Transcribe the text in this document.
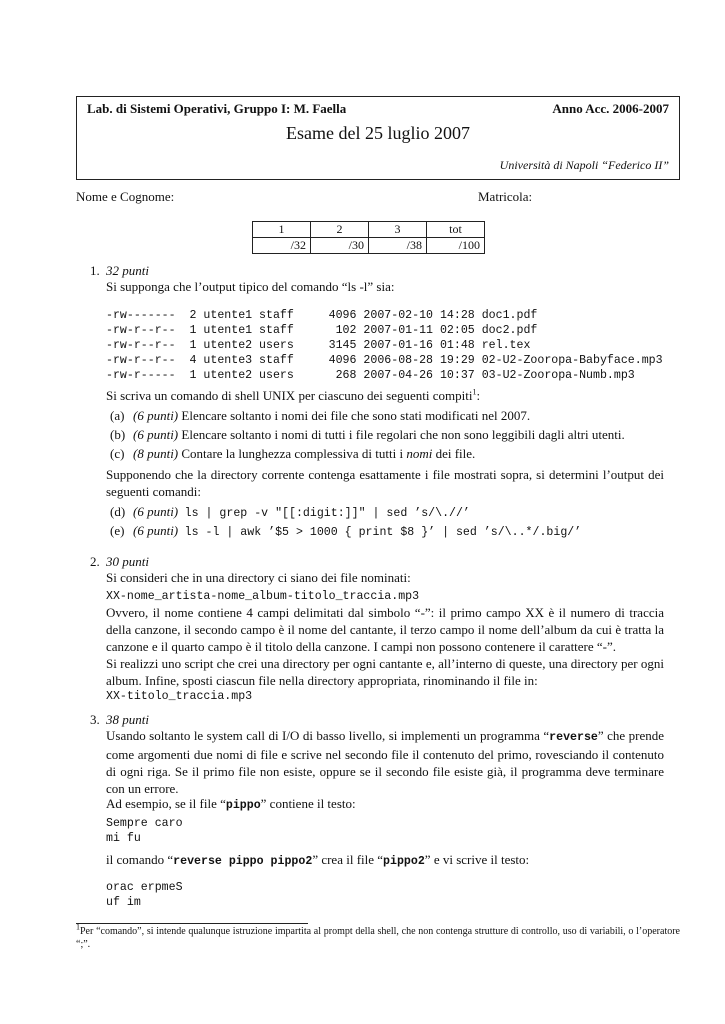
Lab. di Sistemi Operativi, Gruppo I: M. Faella	Anno Acc. 2006-2007
Esame del 25 luglio 2007
Università di Napoli “Federico II”
Nome e Cognome:	Matricola:
1	2	3	tot
/32	/30	/38	/100
1. 32 punti
Si supponga che l’output tipico del comando “ls -l” sia:
-rw-------  2 utente1 staff     4096 2007-02-10 14:28 doc1.pdf
-rw-r--r--  1 utente1 staff      102 2007-01-11 02:05 doc2.pdf
-rw-r--r--  1 utente2 users     3145 2007-01-16 01:48 rel.tex
-rw-r--r--  4 utente3 staff     4096 2006-08-28 19:29 02-U2-Zooropa-Babyface.mp3
-rw-r-----  1 utente2 users      268 2007-04-26 10:37 03-U2-Zooropa-Numb.mp3
Si scriva un comando di shell UNIX per ciascuno dei seguenti compiti$^1$:
(a) (6 punti) Elencare soltanto i nomi dei file che sono stati modificati nel 2007.
(b) (6 punti) Elencare soltanto i nomi di tutti i file regolari che non sono leggibili dagli altri utenti.
(c) (8 punti) Contare la lunghezza complessiva di tutti i nomi dei file.
Supponendo che la directory corrente contenga esattamente i file mostrati sopra, si determini l’output dei seguenti comandi:
(d) (6 punti) ls | grep -v "[[:digit:]]" | sed ’s/\.//’
(e) (6 punti) ls -l | awk ’$5 > 1000 { print $8 }’ | sed ’s/\..*/.big/’
2. 30 punti
Si consideri che in una directory ci siano dei file nominati:
XX-nome_artista-nome_album-titolo_traccia.mp3
Ovvero, il nome contiene 4 campi delimitati dal simbolo “-”: il primo campo XX è il numero di traccia della canzone, il secondo campo è il nome del cantante, il terzo campo il nome dell’album da cui è tratta la canzone e il quarto campo è il titolo della canzone. I campi non possono contenere il carattere “-”.
Si realizzi uno script che crei una directory per ogni cantante e, all’interno di queste, una directory per ogni album. Infine, sposti ciascun file nella directory appropriata, rinominando il file in:
XX-titolo_traccia.mp3
3. 38 punti
Usando soltanto le system call di I/O di basso livello, si implementi un programma “reverse” che prende come argomenti due nomi di file e scrive nel secondo file il contenuto del primo, rovesciando il contenuto di ogni riga. Se il primo file non esiste, oppure se il secondo file esiste già, il programma deve terminare con un errore.
Ad esempio, se il file “pippo” contiene il testo:
Sempre caro
mi fu
il comando “reverse pippo pippo2” crea il file “pippo2” e vi scrive il testo:
orac erpmeS
uf im
$^1$Per “comando”, si intende qualunque istruzione impartita al prompt della shell, che non contenga strutture di controllo, uso di variabili, o l’operatore “;”.
